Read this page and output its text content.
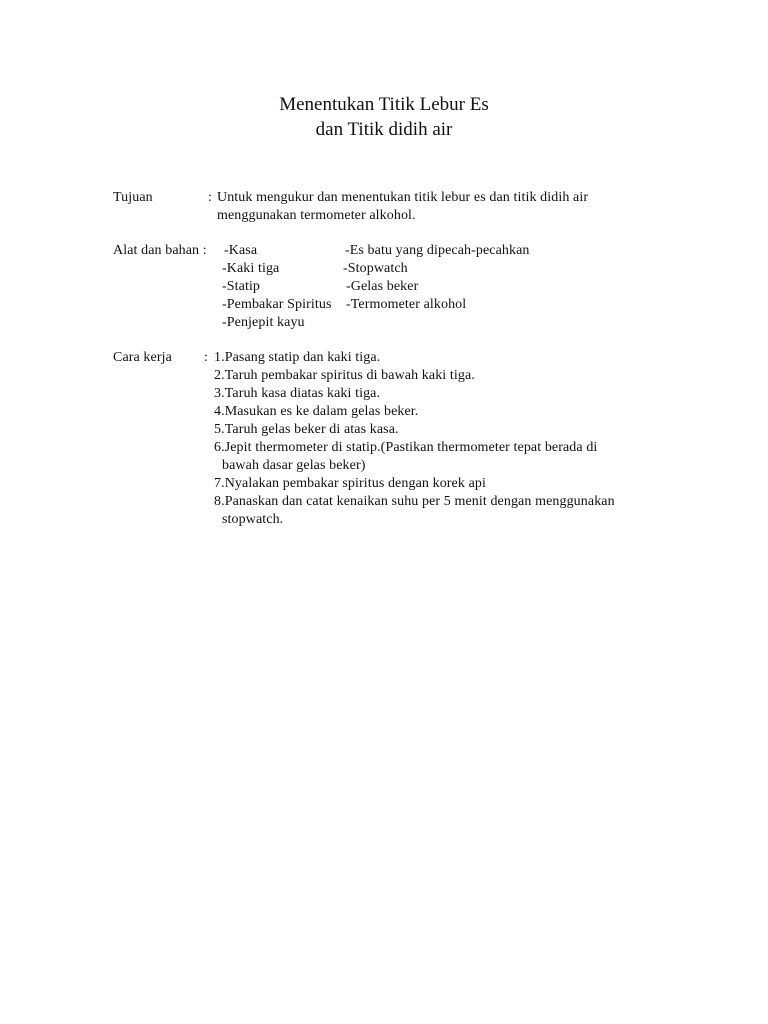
Menentukan Titik Lebur Es
dan Titik didih air
Tujuan	: Untuk mengukur dan menentukan titik lebur es dan titik didih air
menggunakan termometer alkohol.
Alat dan bahan : -Kasa
-Kaki tiga
-Statip
-Pembakar Spiritus
-Penjepit kayu
-Es batu yang dipecah-pecahkan
-Stopwatch
-Gelas beker
-Termometer alkohol
Cara kerja : 1.Pasang statip dan kaki tiga.
2.Taruh pembakar spiritus di bawah kaki tiga.
3.Taruh kasa diatas kaki tiga.
4.Masukan es ke dalam gelas beker.
5.Taruh gelas beker di atas kasa.
6.Jepit thermometer di statip.(Pastikan thermometer tepat berada di
bawah dasar gelas beker)
7.Nyalakan pembakar spiritus dengan korek api
8.Panaskan dan catat kenaikan suhu per 5 menit dengan menggunakan
stopwatch.
